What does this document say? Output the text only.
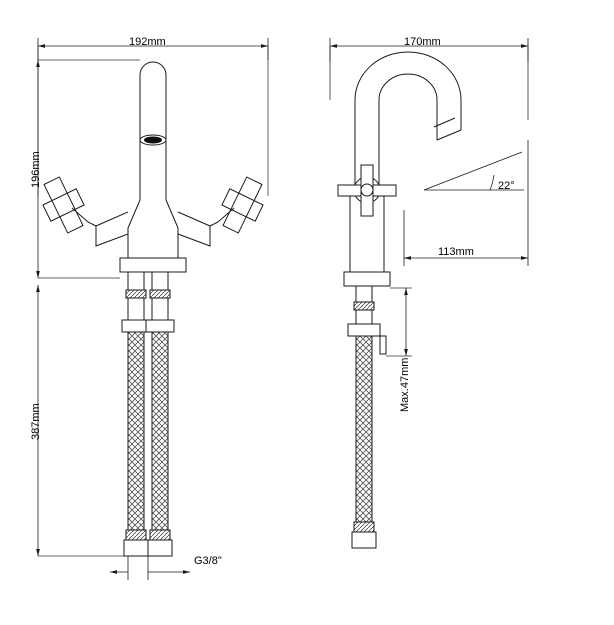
192mm
196mm
387mm
G3/8"
170mm
113mm
Max.47mm
22°
